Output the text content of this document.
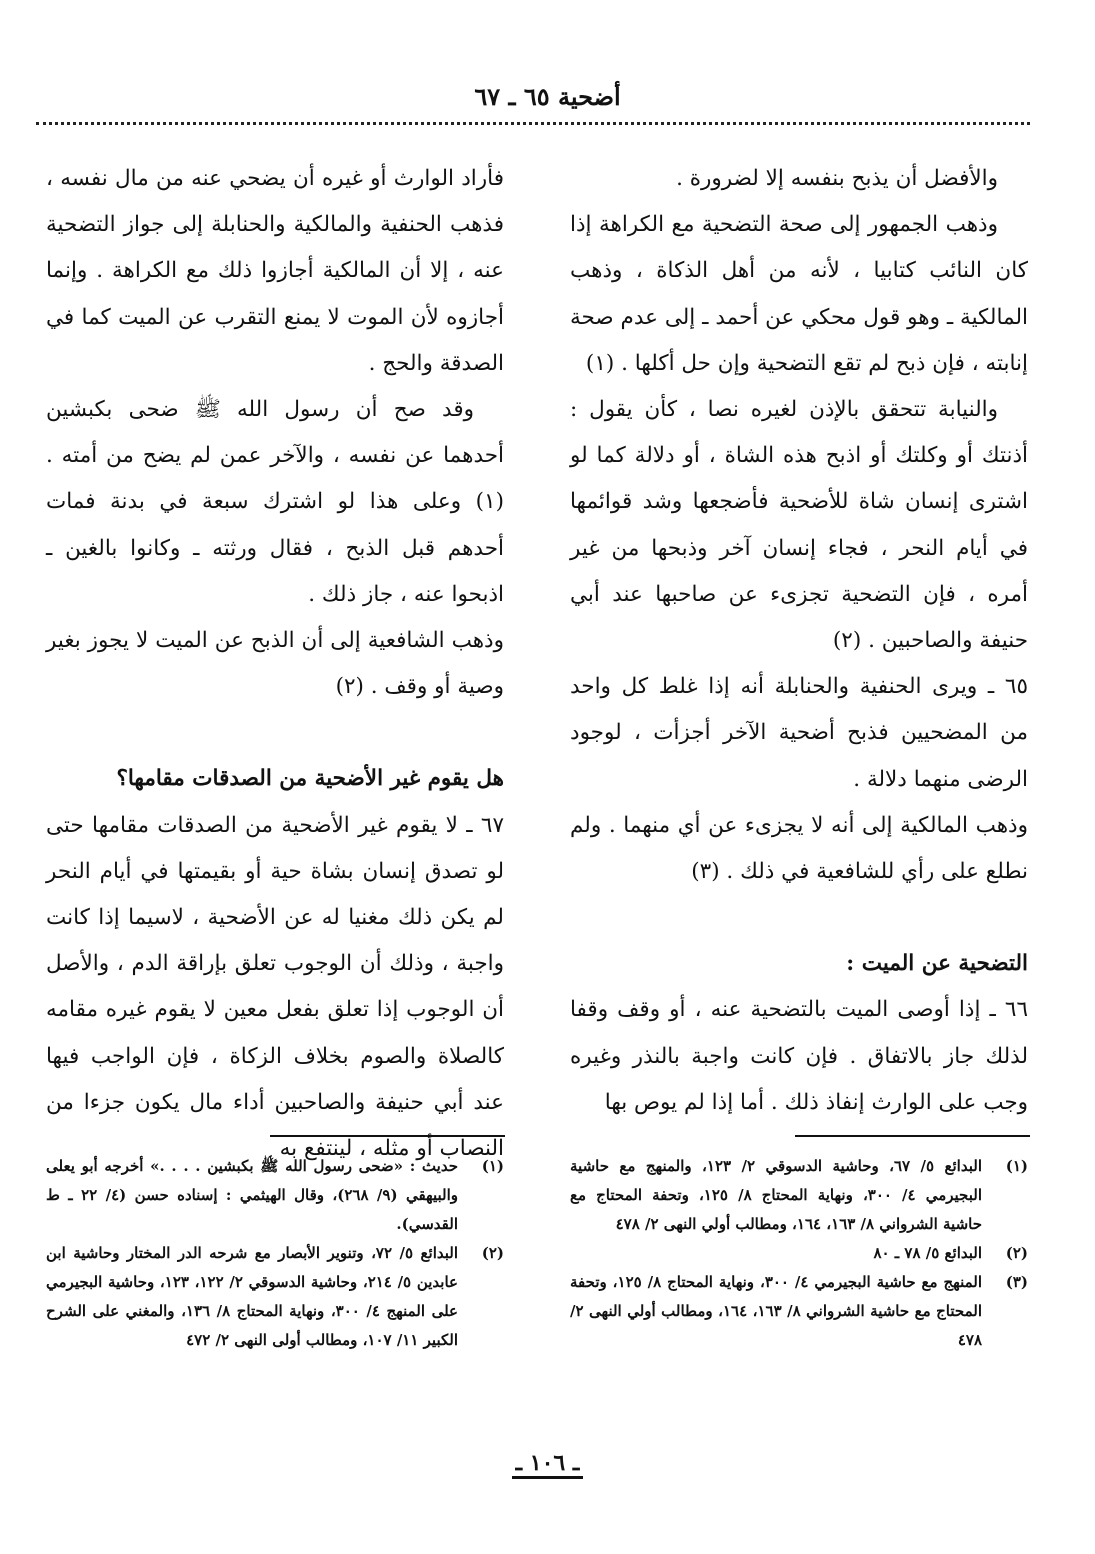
أضحية ٦٥ ـ ٦٧

والأفضل أن يذبح بنفسه إلا لضرورة .

وذهب الجمهور إلى صحة التضحية مع الكراهة إذا كان النائب كتابيا ، لأنه من أهل الذكاة ، وذهب المالكية ـ وهو قول محكي عن أحمد ـ إلى عدم صحة إنابته ، فإن ذبح لم تقع التضحية وإن حل أكلها . (١)

والنيابة تتحقق بالإذن لغيره نصا ، كأن يقول : أذنتك أو وكلتك أو اذبح هذه الشاة ، أو دلالة كما لو اشترى إنسان شاة للأضحية فأضجعها وشد قوائمها في أيام النحر ، فجاء إنسان آخر وذبحها من غير أمره ، فإن التضحية تجزىء عن صاحبها عند أبي حنيفة والصاحبين . (٢)

٦٥ ـ ويرى الحنفية والحنابلة أنه إذا غلط كل واحد من المضحيين فذبح أضحية الآخر أجزأت ، لوجود الرضى منهما دلالة .

وذهب المالكية إلى أنه لا يجزىء عن أي منهما . ولم نطلع على رأي للشافعية في ذلك . (٣)

التضحية عن الميت :

٦٦ ـ إذا أوصى الميت بالتضحية عنه ، أو وقف وقفا لذلك جاز بالاتفاق . فإن كانت واجبة بالنذر وغيره وجب على الوارث إنفاذ ذلك . أما إذا لم يوص بها

فأراد الوارث أو غيره أن يضحي عنه من مال نفسه ، فذهب الحنفية والمالكية والحنابلة إلى جواز التضحية عنه ، إلا أن المالكية أجازوا ذلك مع الكراهة . وإنما أجازوه لأن الموت لا يمنع التقرب عن الميت كما في الصدقة والحج .

وقد صح أن رسول الله ﷺ ضحى بكبشين أحدهما عن نفسه ، والآخر عمن لم يضح من أمته . (١) وعلى هذا لو اشترك سبعة في بدنة فمات أحدهم قبل الذبح ، فقال ورثته ـ وكانوا بالغين ـ اذبحوا عنه ، جاز ذلك .

وذهب الشافعية إلى أن الذبح عن الميت لا يجوز بغير وصية أو وقف . (٢)

هل يقوم غير الأضحية من الصدقات مقامها؟

٦٧ ـ لا يقوم غير الأضحية من الصدقات مقامها حتى لو تصدق إنسان بشاة حية أو بقيمتها في أيام النحر لم يكن ذلك مغنيا له عن الأضحية ، لاسيما إذا كانت واجبة ، وذلك أن الوجوب تعلق بإراقة الدم ، والأصل أن الوجوب إذا تعلق بفعل معين لا يقوم غيره مقامه كالصلاة والصوم بخلاف الزكاة ، فإن الواجب فيها عند أبي حنيفة والصاحبين أداء مال يكون جزءا من النصاب أو مثله ، لينتفع به

(١)
البدائع ٥/ ٦٧، وحاشية الدسوقي ٢/ ١٢٣، والمنهج مع حاشية البجيرمي ٤/ ٣٠٠، ونهاية المحتاج ٨/ ١٢٥، وتحفة المحتاج مع حاشية الشرواني ٨/ ١٦٣، ١٦٤، ومطالب أولي النهى ٢/ ٤٧٨
(٢)
البدائع ٥/ ٧٨ ـ ٨٠
(٣)
المنهج مع حاشية البجيرمي ٤/ ٣٠٠، ونهاية المحتاج ٨/ ١٢٥، وتحفة المحتاج مع حاشية الشرواني ٨/ ١٦٣، ١٦٤، ومطالب أولي النهى ٢/ ٤٧٨
(١)
حديث : «ضحى رسول الله ﷺ بكبشين . . . .» أخرجه أبو يعلى والبيهقي (٩/ ٢٦٨)، وقال الهيثمي : إسناده حسن (٤/ ٢٢ ـ ط القدسي).
(٢)
البدائع ٥/ ٧٢، وتنوير الأبصار مع شرحه الدر المختار وحاشية ابن عابدين ٥/ ٢١٤، وحاشية الدسوقي ٢/ ١٢٢، ١٢٣، وحاشية البجيرمي على المنهج ٤/ ٣٠٠، ونهاية المحتاج ٨/ ١٣٦، والمغني على الشرح الكبير ١١/ ١٠٧، ومطالب أولى النهى ٢/ ٤٧٢
ـ ١٠٦ ـ
